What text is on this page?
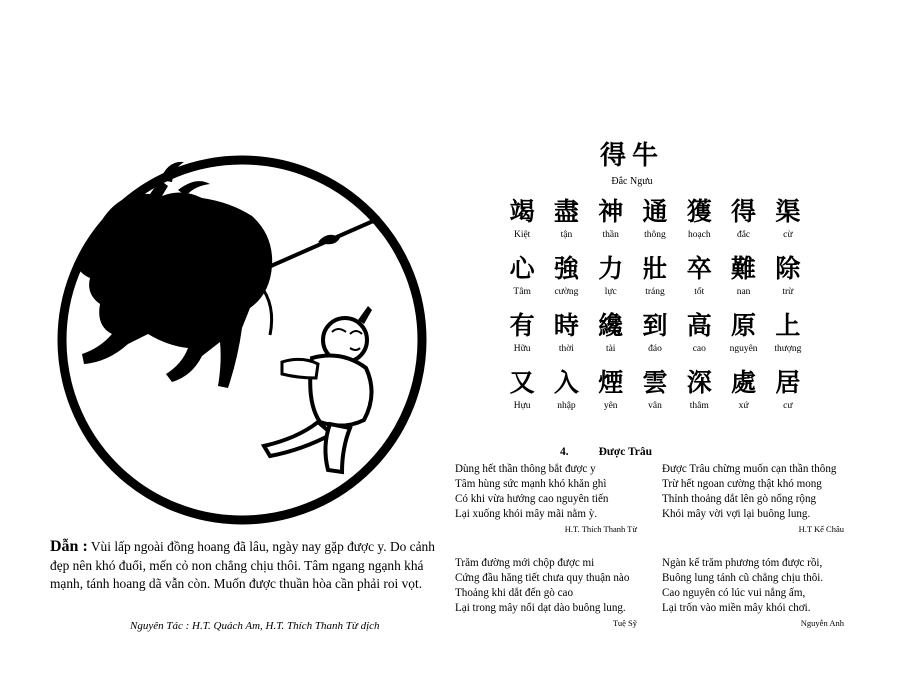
Dẫn : Vùi lấp ngoài đồng hoang đã lâu, ngày nay gặp được y. Do cảnh đẹp nên khó đuổi, mến cỏ non chẳng chịu thôi. Tâm ngang ngạnh khá mạnh, tánh hoang dã vẫn còn. Muốn được thuần hòa cần phải roi vọt.
Nguyên Tác : H.T. Quách Am, H.T. Thích Thanh Từ dịch
得牛
Đắc Ngưu
竭 盡 神 通 獲 得 渠
Kiệt	tận	thần	thông	hoạch	đắc	cừ
心 強 力 壯 卒 難 除
Tâm	cường	lực	tráng	tốt	nan	trừ
有 時 纔 到 高 原 上
Hữu	thời	tài	đáo	cao	nguyên	thượng
又 入 煙 雲 深 處 居
Hựu	nhập	yên	vân	thâm	xứ	cư
4.	Được Trâu
Dùng hết thần thông bắt được y
Tâm hùng sức mạnh khó khăn ghì
Có khi vừa hướng cao nguyên tiến
Lại xuống khói mây mãi nằm ỳ.
H.T. Thích Thanh Từ
Được Trâu chừng muốn cạn thần thông
Trừ hết ngoan cường thật khó mong
Thỉnh thoảng dắt lên gò nổng rộng
Khói mây vời vợi lại buông lung.
H.T Kế Châu
Trăm đường mới chộp được mi
Cứng đầu hăng tiết chưa quy thuận nào
Thoảng khi dắt đến gò cao
Lại trong mây nổi dạt dào buông lung.
Tuệ Sỹ
Ngàn kế trăm phương tóm được rồi,
Buông lung tánh cũ chẳng chịu thôi.
Cao nguyên có lúc vui nắng ấm,
Lại trốn vào miền mây khói chơi.
Nguyễn Anh
